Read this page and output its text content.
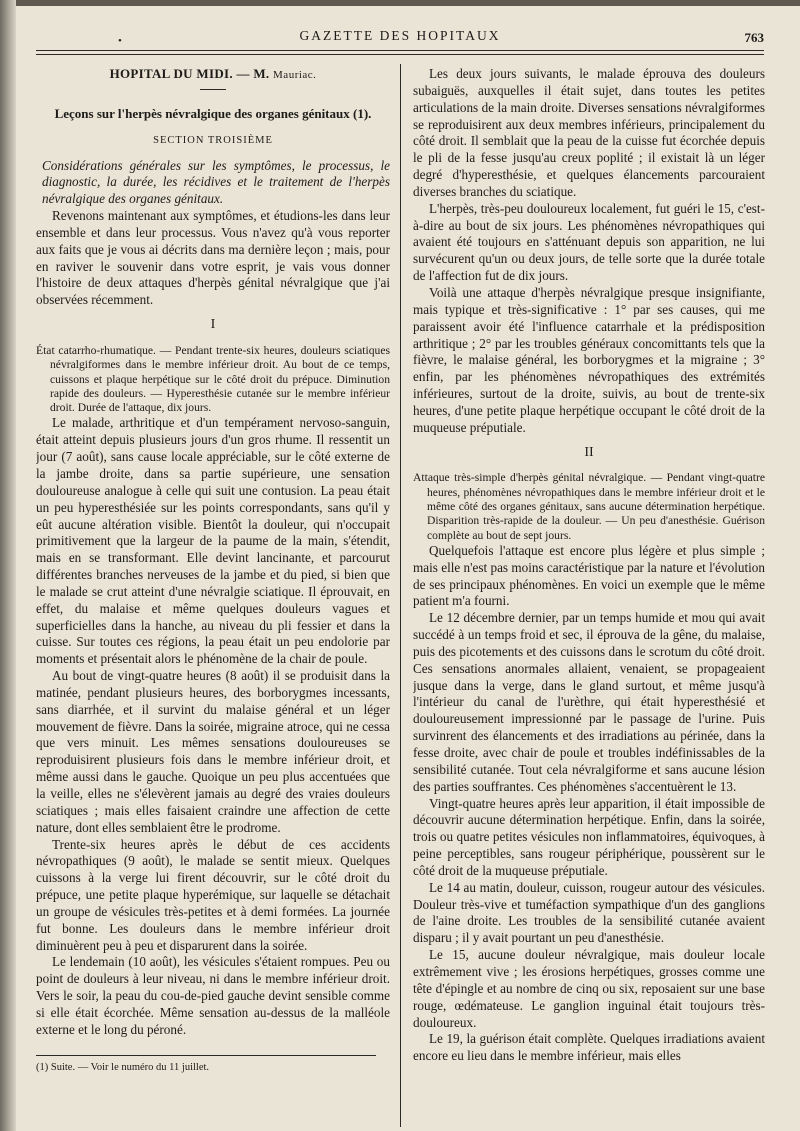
•	GAZETTE DES HOPITAUX	763
HOPITAL DU MIDI. — M. Mauriac.
Leçons sur l'herpès névralgique des organes génitaux (1).
SECTION TROISIÈME

Considérations générales sur les symptômes, le processus, le diagnostic, la durée, les récidives et le traitement de l'herpès névralgique des organes génitaux.

Revenons maintenant aux symptômes, et étudions-les dans leur ensemble et dans leur processus. Vous n'avez qu'à vous reporter aux faits que je vous ai décrits dans ma dernière leçon ; mais, pour en raviver le souvenir dans votre esprit, je vais vous donner l'histoire de deux attaques d'herpès génital névralgique que j'ai observées récemment.

I

État catarrho-rhumatique. — Pendant trente-six heures, douleurs sciatiques névralgiformes dans le membre inférieur droit. Au bout de ce temps, cuissons et plaque herpétique sur le côté droit du prépuce. Diminution rapide des douleurs. — Hyperesthésie cutanée sur le membre inférieur droit. Durée de l'attaque, dix jours.

Le malade, arthritique et d'un tempérament nervoso-sanguin, était atteint depuis plusieurs jours d'un gros rhume. Il ressentit un jour (7 août), sans cause locale appréciable, sur le côté externe de la jambe droite, dans sa partie supérieure, une sensation douloureuse analogue à celle qui suit une contusion. La peau était un peu hyperesthésiée sur les points correspondants, sans qu'il y eût aucune altération visible. Bientôt la douleur, qui n'occupait primitivement que la largeur de la paume de la main, s'étendit, mais en se transformant. Elle devint lancinante, et parcourut différentes branches nerveuses de la jambe et du pied, si bien que le malade se crut atteint d'une névralgie sciatique. Il éprouvait, en effet, du malaise et même quelques douleurs vagues et superficielles dans la hanche, au niveau du pli fessier et dans la cuisse. Sur toutes ces régions, la peau était un peu endolorie par moments et présentait alors le phénomène de la chair de poule.

Au bout de vingt-quatre heures (8 août) il se produisit dans la matinée, pendant plusieurs heures, des borborygmes incessants, sans diarrhée, et il survint du malaise général et un léger mouvement de fièvre. Dans la soirée, migraine atroce, qui ne cessa que vers minuit. Les mêmes sensations douloureuses se reproduisirent plusieurs fois dans le membre inférieur droit, et même aussi dans le gauche. Quoique un peu plus accentuées que la veille, elles ne s'élevèrent jamais au degré des vraies douleurs sciatiques ; mais elles faisaient craindre une affection de cette nature, dont elles semblaient être le prodrome.

Trente-six heures après le début de ces accidents névropathiques (9 août), le malade se sentit mieux. Quelques cuissons à la verge lui firent découvrir, sur le côté droit du prépuce, une petite plaque hyperémique, sur laquelle se détachait un groupe de vésicules très-petites et à demi formées. La journée fut bonne. Les douleurs dans le membre inférieur droit diminuèrent peu à peu et disparurent dans la soirée.

Le lendemain (10 août), les vésicules s'étaient rompues. Peu ou point de douleurs à leur niveau, ni dans le membre inférieur droit. Vers le soir, la peau du cou-de-pied gauche devint sensible comme si elle était écorchée. Même sensation au-dessus de la malléole externe et le long du péroné.

(1) Suite. — Voir le numéro du 11 juillet.

Les deux jours suivants, le malade éprouva des douleurs subaiguës, auxquelles il était sujet, dans toutes les petites articulations de la main droite. Diverses sensations névralgiformes se reproduisirent aux deux membres inférieurs, principalement du côté droit. Il semblait que la peau de la cuisse fut écorchée depuis le pli de la fesse jusqu'au creux poplité ; il existait là un léger degré d'hyperesthésie, et quelques élancements parcouraient diverses branches du sciatique.

L'herpès, très-peu douloureux localement, fut guéri le 15, c'est-à-dire au bout de six jours. Les phénomènes névropathiques qui avaient été toujours en s'atténuant depuis son apparition, ne lui survécurent qu'un ou deux jours, de telle sorte que la durée totale de l'affection fut de dix jours.

Voilà une attaque d'herpès névralgique presque insignifiante, mais typique et très-significative : 1° par ses causes, qui me paraissent avoir été l'influence catarrhale et la prédisposition arthritique ; 2° par les troubles généraux concomittants tels que la fièvre, le malaise général, les borborygmes et la migraine ; 3° enfin, par les phénomènes névropathiques des extrémités inférieures, surtout de la droite, suivis, au bout de trente-six heures, d'une petite plaque herpétique occupant le côté droit de la muqueuse préputiale.

II

Attaque très-simple d'herpès génital névralgique. — Pendant vingt-quatre heures, phénomènes névropathiques dans le membre inférieur droit et le même côté des organes génitaux, sans aucune détermination herpétique. Disparition très-rapide de la douleur. — Un peu d'anesthésie. Guérison complète au bout de sept jours.

Quelquefois l'attaque est encore plus légère et plus simple ; mais elle n'est pas moins caractéristique par la nature et l'évolution de ses principaux phénomènes. En voici un exemple que le même patient m'a fourni.

Le 12 décembre dernier, par un temps humide et mou qui avait succédé à un temps froid et sec, il éprouva de la gêne, du malaise, puis des picotements et des cuissons dans le scrotum du côté droit. Ces sensations anormales allaient, venaient, se propageaient jusque dans la verge, dans le gland surtout, et même jusqu'à l'intérieur du canal de l'urèthre, qui était hyperesthésié et douloureusement impressionné par le passage de l'urine. Puis survinrent des élancements et des irradiations au périnée, dans la fesse droite, avec chair de poule et troubles indéfinissables de la sensibilité cutanée. Tout cela névralgiforme et sans aucune lésion des parties souffrantes. Ces phénomènes s'accentuèrent le 13.

Vingt-quatre heures après leur apparition, il était impossible de découvrir aucune détermination herpétique. Enfin, dans la soirée, trois ou quatre petites vésicules non inflammatoires, équivoques, à peine perceptibles, sans rougeur périphérique, poussèrent sur le côté droit de la muqueuse préputiale.

Le 14 au matin, douleur, cuisson, rougeur autour des vésicules. Douleur très-vive et tuméfaction sympathique d'un des ganglions de l'aine droite. Les troubles de la sensibilité cutanée avaient disparu ; il y avait pourtant un peu d'anesthésie.

Le 15, aucune douleur névralgique, mais douleur locale extrêmement vive ; les érosions herpétiques, grosses comme une tête d'épingle et au nombre de cinq ou six, reposaient sur une base rouge, œdémateuse. Le ganglion inguinal était toujours très-douloureux.

Le 19, la guérison était complète. Quelques irradiations avaient encore eu lieu dans le membre inférieur, mais elles
